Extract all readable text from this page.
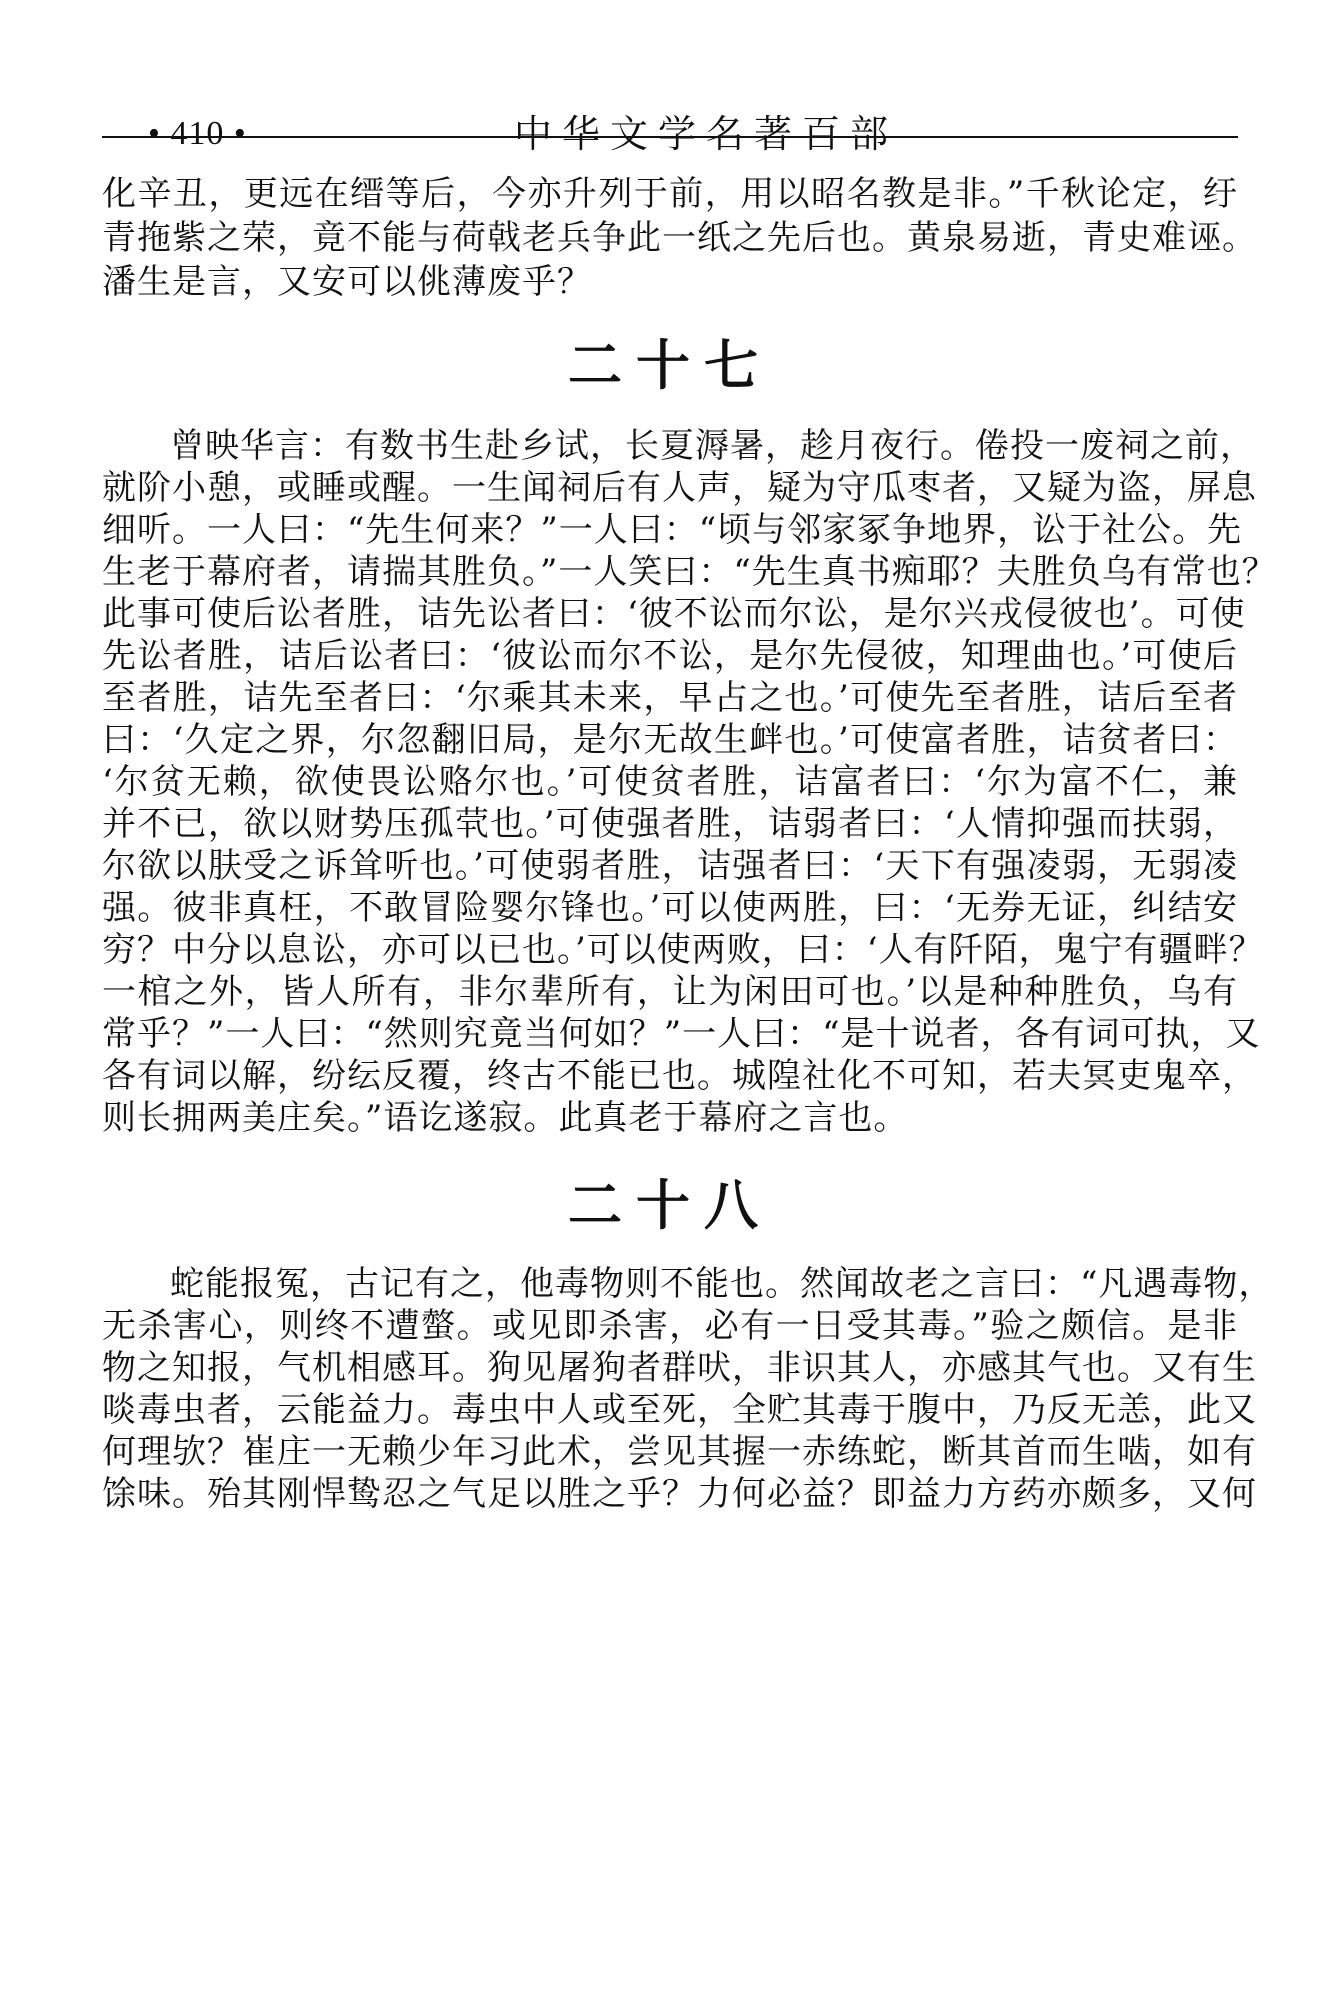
• 410 •	中华文学名著百部
化辛丑，更远在缙等后，今亦升列于前，用以昭名教是非。”千秋论定，纡
青拖紫之荣，竟不能与荷戟老兵争此一纸之先后也。黄泉易逝，青史难诬。
潘生是言，又安可以佻薄废乎？
二十七
曾映华言：有数书生赴乡试，长夏溽暑，趁月夜行。倦投一废祠之前，
就阶小憩，或睡或醒。一生闻祠后有人声，疑为守瓜枣者，又疑为盗，屏息
细听。一人曰：“先生何来？”一人曰：“顷与邻家冢争地界，讼于社公。先
生老于幕府者，请揣其胜负。”一人笑曰：“先生真书痴耶？夫胜负乌有常也？
此事可使后讼者胜，诘先讼者曰：‘彼不讼而尔讼，是尔兴戎侵彼也’。可使
先讼者胜，诘后讼者曰：‘彼讼而尔不讼，是尔先侵彼，知理曲也。’可使后
至者胜，诘先至者曰：‘尔乘其未来，早占之也。’可使先至者胜，诘后至者
曰：‘久定之界，尔忽翻旧局，是尔无故生衅也。’可使富者胜，诘贫者曰：
‘尔贫无赖，欲使畏讼赂尔也。’可使贫者胜，诘富者曰：‘尔为富不仁，兼
并不已，欲以财势压孤茕也。’可使强者胜，诘弱者曰：‘人情抑强而扶弱，
尔欲以肤受之诉耸听也。’可使弱者胜，诘强者曰：‘天下有强凌弱，无弱凌
强。彼非真枉，不敢冒险婴尔锋也。’可以使两胜，曰：‘无券无证，纠结安
穷？中分以息讼，亦可以已也。’可以使两败，曰：‘人有阡陌，鬼宁有疆畔？
一棺之外，皆人所有，非尔辈所有，让为闲田可也。’以是种种胜负，乌有
常乎？”一人曰：“然则究竟当何如？”一人曰：“是十说者，各有词可执，又
各有词以解，纷纭反覆，终古不能已也。城隍社化不可知，若夫冥吏鬼卒，
则长拥两美庄矣。”语讫遂寂。此真老于幕府之言也。
二十八
蛇能报冤，古记有之，他毒物则不能也。然闻故老之言曰：“凡遇毒物，
无杀害心，则终不遭螫。或见即杀害，必有一日受其毒。”验之颇信。是非
物之知报，气机相感耳。狗见屠狗者群吠，非识其人，亦感其气也。又有生
啖毒虫者，云能益力。毒虫中人或至死，全贮其毒于腹中，乃反无恙，此又
何理欤？崔庄一无赖少年习此术，尝见其握一赤练蛇，断其首而生啮，如有
馀味。殆其刚悍鸷忍之气足以胜之乎？力何必益？即益力方药亦颇多，又何
